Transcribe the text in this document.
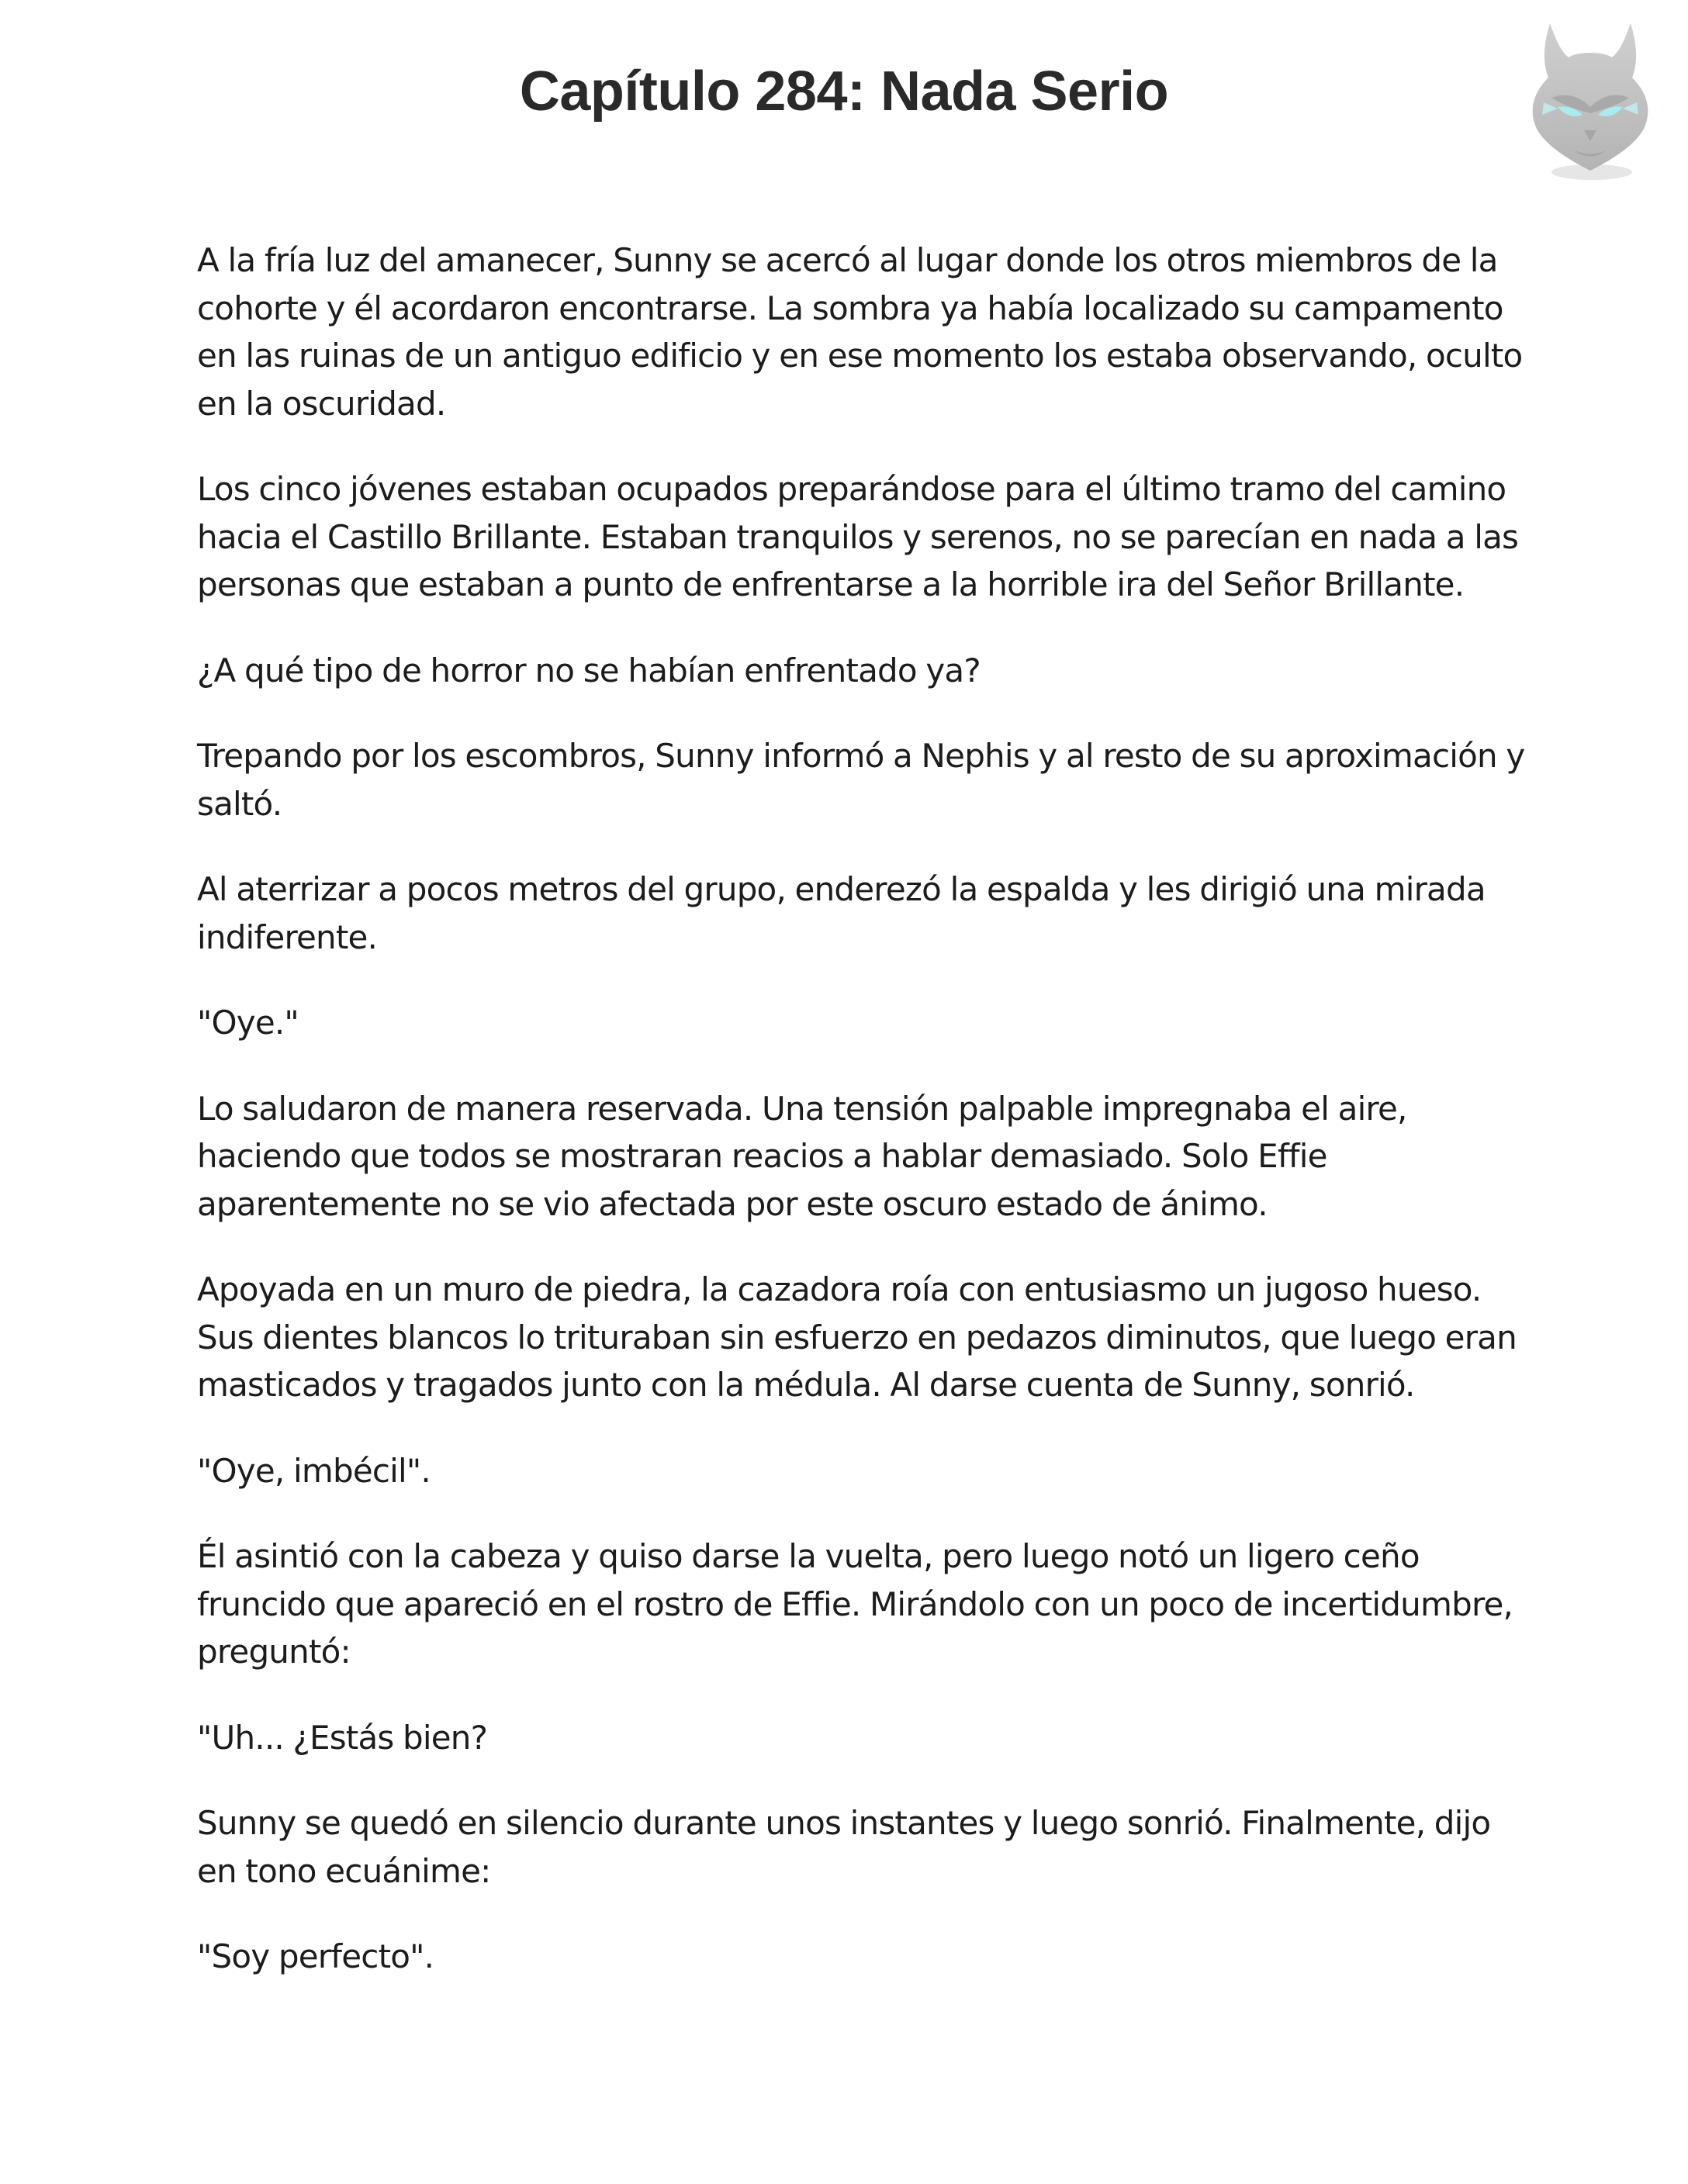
Capítulo 284: Nada Serio

A la fría luz del amanecer, Sunny se acercó al lugar donde los otros miembros de la cohorte y él acordaron encontrarse. La sombra ya había localizado su campamento en las ruinas de un antiguo edificio y en ese momento los estaba observando, oculto en la oscuridad.

Los cinco jóvenes estaban ocupados preparándose para el último tramo del camino hacia el Castillo Brillante. Estaban tranquilos y serenos, no se parecían en nada a las personas que estaban a punto de enfrentarse a la horrible ira del Señor Brillante.

¿A qué tipo de horror no se habían enfrentado ya?

Trepando por los escombros, Sunny informó a Nephis y al resto de su aproximación y saltó.

Al aterrizar a pocos metros del grupo, enderezó la espalda y les dirigió una mirada indiferente.

"Oye."

Lo saludaron de manera reservada. Una tensión palpable impregnaba el aire, haciendo que todos se mostraran reacios a hablar demasiado. Solo Effie aparentemente no se vio afectada por este oscuro estado de ánimo.

Apoyada en un muro de piedra, la cazadora roía con entusiasmo un jugoso hueso. Sus dientes blancos lo trituraban sin esfuerzo en pedazos diminutos, que luego eran masticados y tragados junto con la médula. Al darse cuenta de Sunny, sonrió.

"Oye, imbécil".

Él asintió con la cabeza y quiso darse la vuelta, pero luego notó un ligero ceño fruncido que apareció en el rostro de Effie. Mirándolo con un poco de incertidumbre, preguntó:

"Uh... ¿Estás bien?

Sunny se quedó en silencio durante unos instantes y luego sonrió. Finalmente, dijo en tono ecuánime:

"Soy perfecto".
